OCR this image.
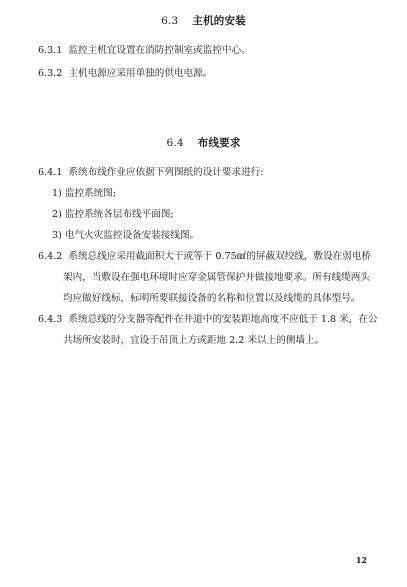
6.3 主机的安装
6.3.1 监控主机宜设置在消防控制室或监控中心。
6.3.2 主机电源应采用单独的供电电源。
6.4 布线要求
6.4.1 系统布线作业应依据下列图纸的设计要求进行:
1) 监控系统图;
2) 监控系统各层布线平面图;
3) 电气火灾监控设备安装接线图。
6.4.2 系统总线应采用截面积大于或等于 0.75㎟的屏蔽双绞线，敷设在弱电桥
架内，当敷设在强电环境时应穿金属管保护并做接地要求。所有线缆两头
均应做好线标，标明所要联接设备的名称和位置以及线缆的具体型号。
6.4.3 系统总线的分支器等配件在井道中的安装距地高度不应低于 1.8 米，在公
共场所安装时，宜设于吊顶上方或距地 2.2 米以上的侧墙上。
12
